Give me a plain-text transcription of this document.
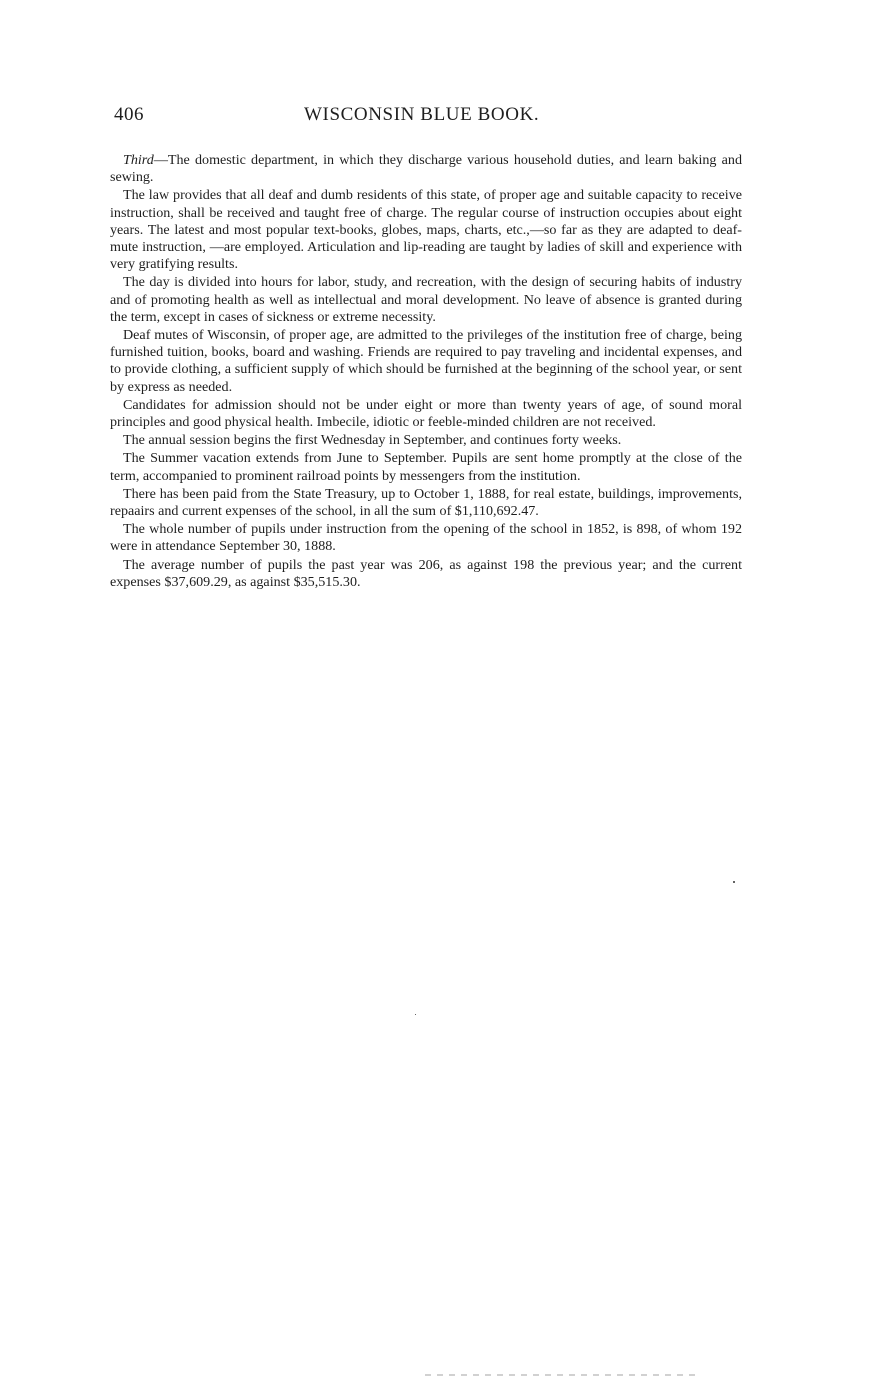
406	WISCONSIN BLUE BOOK.

Third—The domestic department, in which they discharge various household duties, and learn baking and sewing.

The law provides that all deaf and dumb residents of this state, of proper age and suitable capacity to receive instruction, shall be received and taught free of charge. The regular course of instruction occupies about eight years. The latest and most popular text-books, globes, maps, charts, etc.,—so far as they are adapted to deaf-mute instruction, —are employed. Articulation and lip-reading are taught by ladies of skill and experience with very gratifying results.

The day is divided into hours for labor, study, and recreation, with the design of securing habits of industry and of promoting health as well as intellectual and moral development. No leave of absence is granted during the term, except in cases of sickness or extreme necessity.

Deaf mutes of Wisconsin, of proper age, are admitted to the privileges of the institution free of charge, being furnished tuition, books, board and washing. Friends are required to pay traveling and incidental expenses, and to provide clothing, a sufficient supply of which should be furnished at the beginning of the school year, or sent by express as needed.

Candidates for admission should not be under eight or more than twenty years of age, of sound moral principles and good physical health. Imbecile, idiotic or feeble-minded children are not received.

The annual session begins the first Wednesday in September, and continues forty weeks.

The Summer vacation extends from June to September. Pupils are sent home promptly at the close of the term, accompanied to prominent railroad points by messengers from the institution.

There has been paid from the State Treasury, up to October 1, 1888, for real estate, buildings, improvements, repaairs and current expenses of the school, in all the sum of $1,110,692.47.

The whole number of pupils under instruction from the opening of the school in 1852, is 898, of whom 192 were in attendance September 30, 1888.

The average number of pupils the past year was 206, as against 198 the previous year; and the current expenses $37,609.29, as against $35,515.30.
